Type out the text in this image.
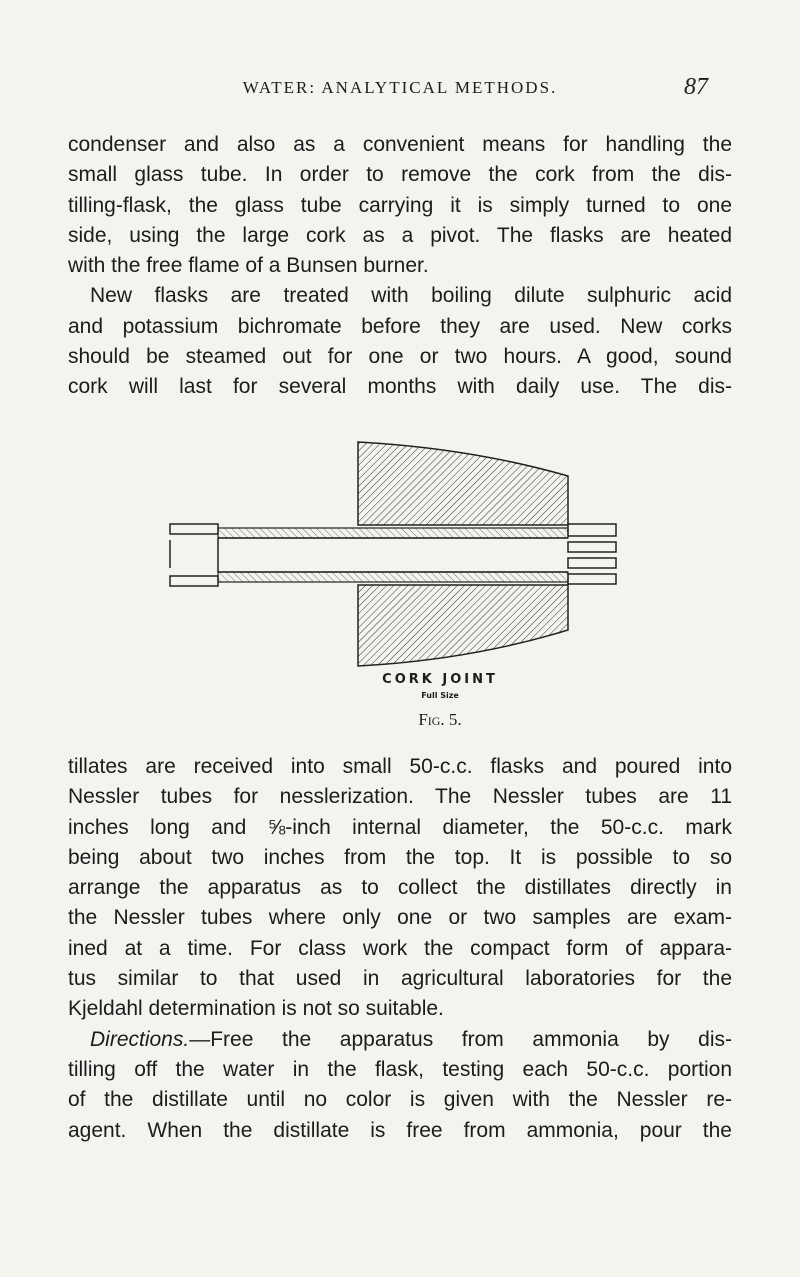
WATER: ANALYTICAL METHODS.	87
condenser and also as a convenient means for handling the
small glass tube. In order to remove the cork from the dis-
tilling-flask, the glass tube carrying it is simply turned to one
side, using the large cork as a pivot. The flasks are heated
with the free flame of a Bunsen burner.
New flasks are treated with boiling dilute sulphuric acid
and potassium bichromate before they are used. New corks
should be steamed out for one or two hours. A good, sound
cork will last for several months with daily use. The dis-
CORK JOINT
Full Size
Fig. 5.
tillates are received into small 50-c.c. flasks and poured into
Nessler tubes for nesslerization. The Nessler tubes are 11
inches long and ⅝-inch internal diameter, the 50-c.c. mark
being about two inches from the top. It is possible to so
arrange the apparatus as to collect the distillates directly in
the Nessler tubes where only one or two samples are exam-
ined at a time. For class work the compact form of appara-
tus similar to that used in agricultural laboratories for the
Kjeldahl determination is not so suitable.
Directions.—Free the apparatus from ammonia by dis-
tilling off the water in the flask, testing each 50-c.c. portion
of the distillate until no color is given with the Nessler re-
agent. When the distillate is free from ammonia, pour the
